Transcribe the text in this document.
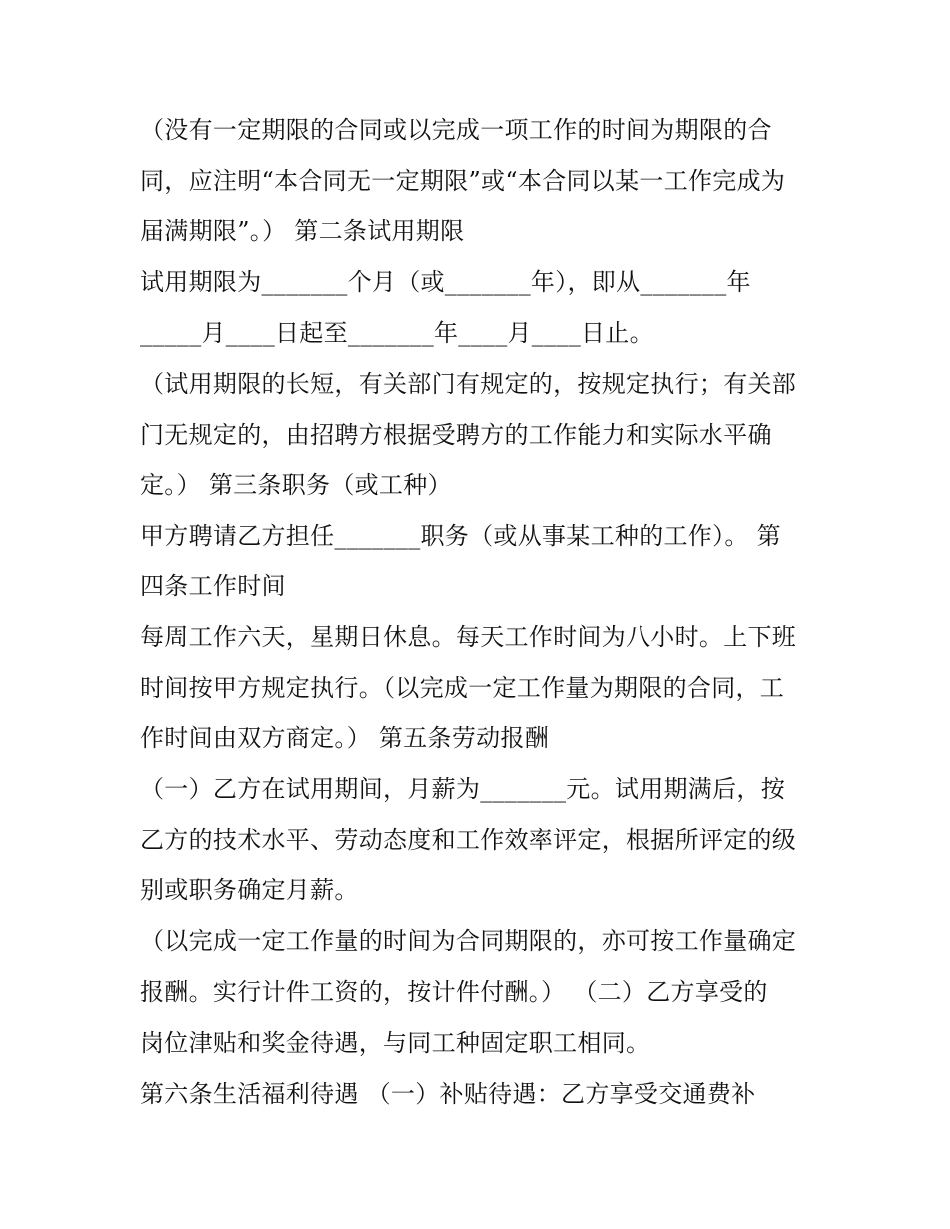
（没有一定期限的合同或以完成一项工作的时间为期限的合
同，应注明“本合同无一定期限”或“本合同以某一工作完成为
届满期限”。） 第二条试用期限
试用期限为_______个月（或_______年），即从_______年
_____月____日起至_______年____月____日止。
（试用期限的长短，有关部门有规定的，按规定执行；有关部
门无规定的，由招聘方根据受聘方的工作能力和实际水平确
定。） 第三条职务（或工种）
甲方聘请乙方担任_______职务（或从事某工种的工作）。 第
四条工作时间
每周工作六天，星期日休息。每天工作时间为八小时。上下班
时间按甲方规定执行。（以完成一定工作量为期限的合同，工
作时间由双方商定。） 第五条劳动报酬
（一）乙方在试用期间，月薪为_______元。试用期满后，按
乙方的技术水平、劳动态度和工作效率评定，根据所评定的级
别或职务确定月薪。
（以完成一定工作量的时间为合同期限的，亦可按工作量确定
报酬。实行计件工资的，按计件付酬。） （二）乙方享受的
岗位津贴和奖金待遇，与同工种固定职工相同。
第六条生活福利待遇 （一）补贴待遇：乙方享受交通费补
